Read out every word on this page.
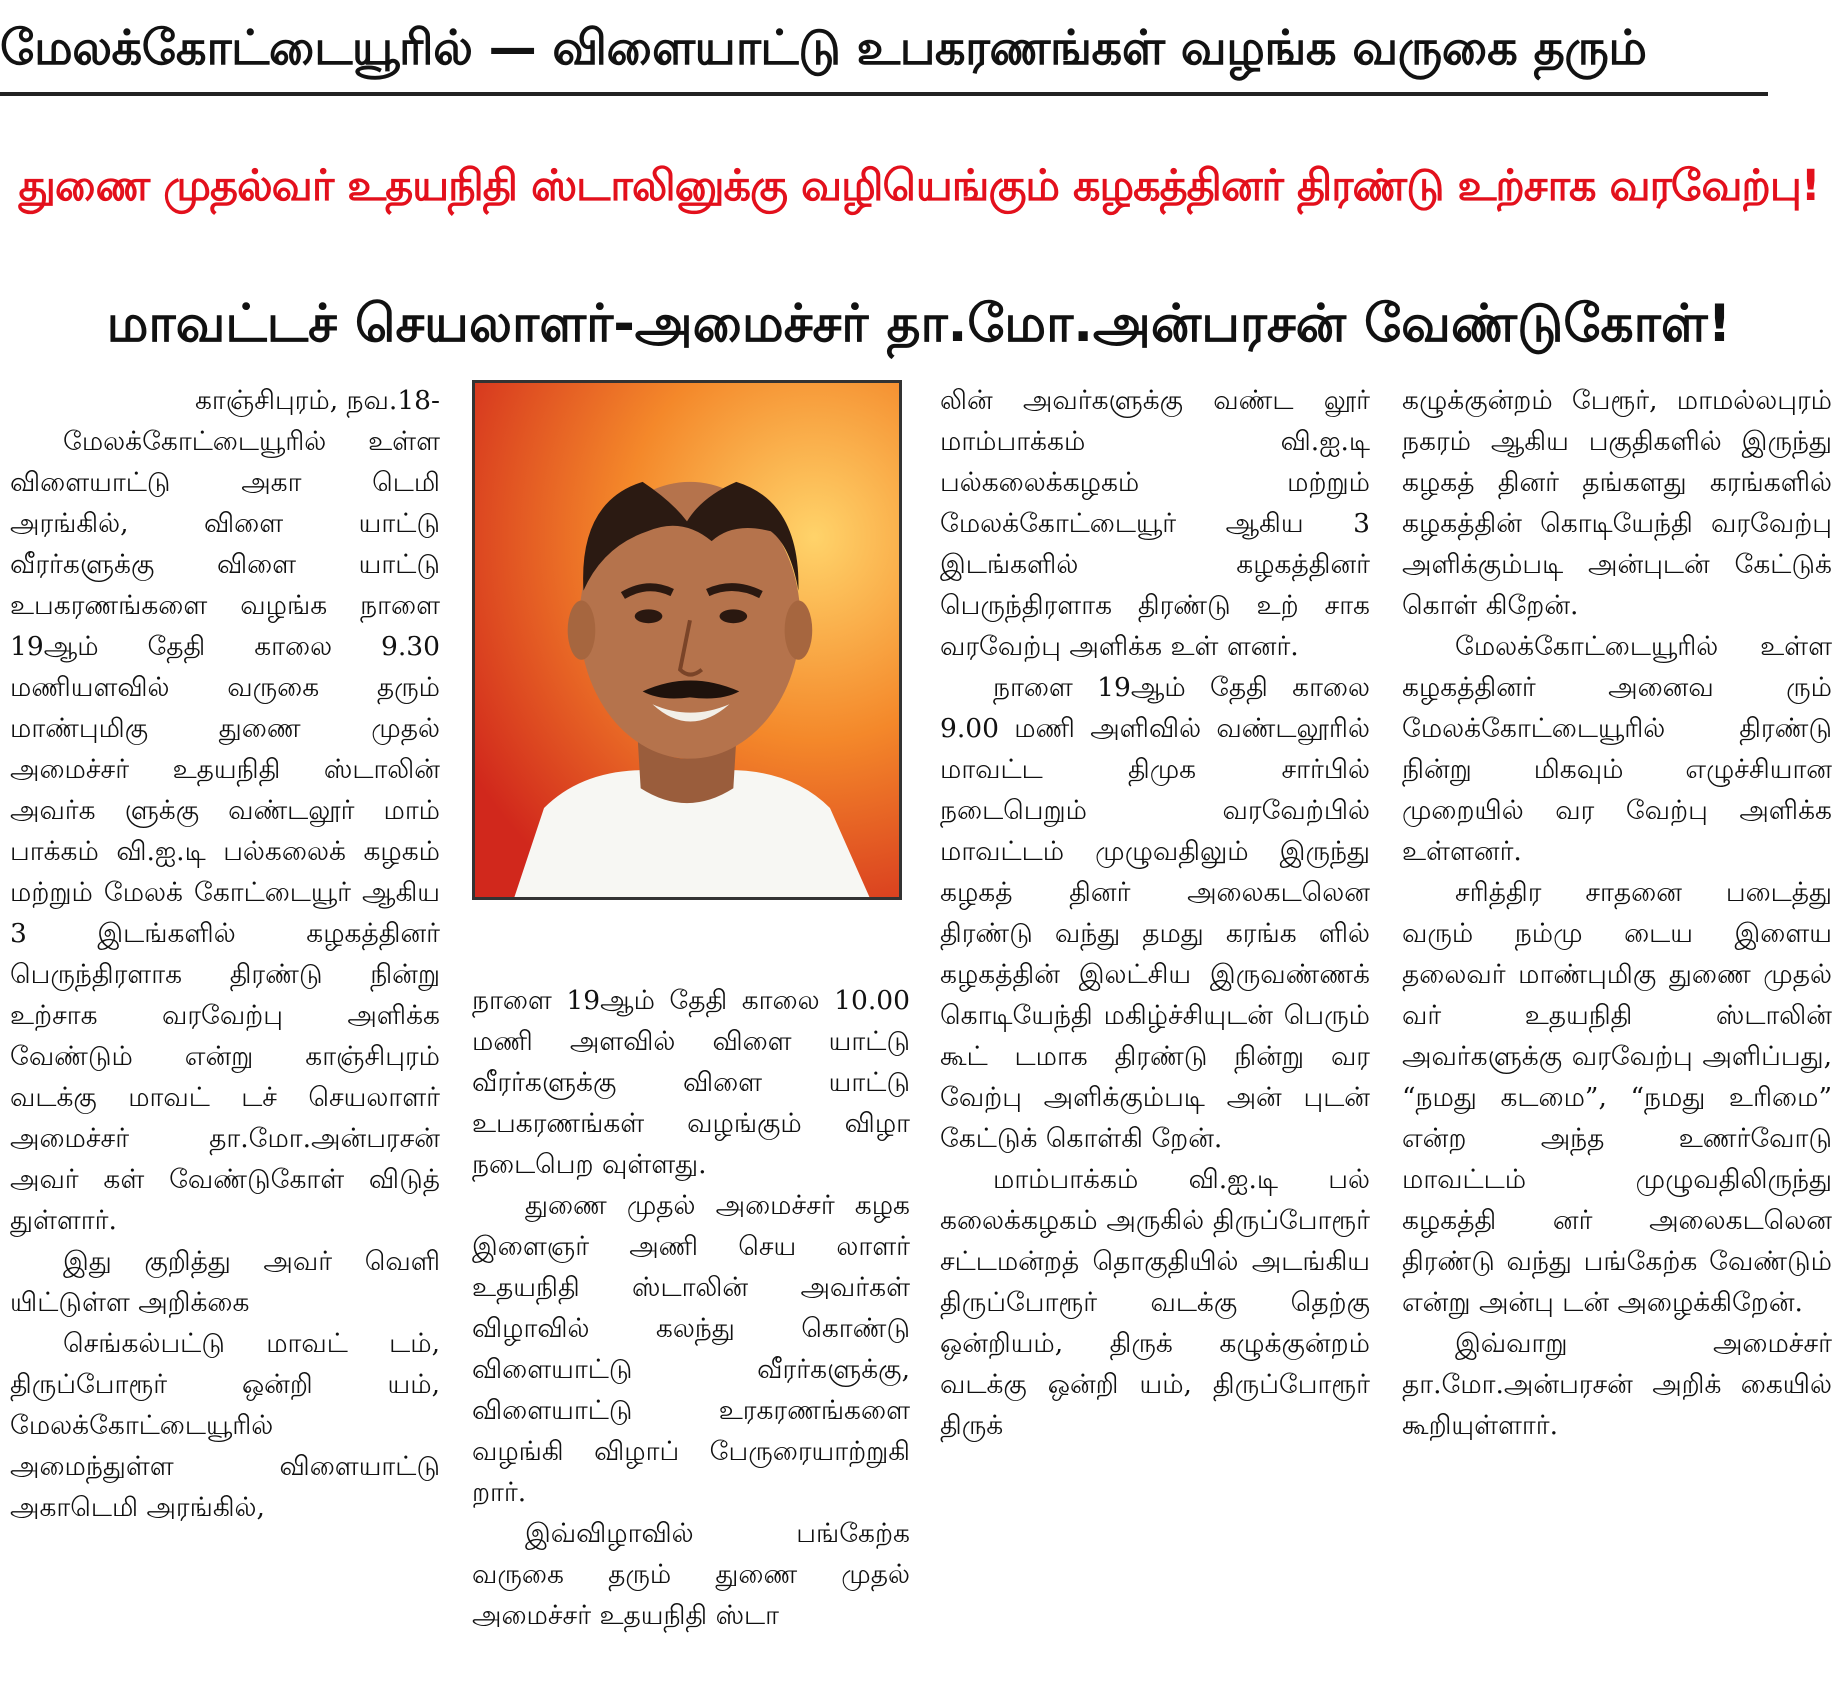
மேலக்கோட்டையூரில் — விளையாட்டு உபகரணங்கள் வழங்க வருகை தரும்
துணை முதல்வர் உதயநிதி ஸ்டாலினுக்கு வழியெங்கும் கழகத்தினர் திரண்டு உற்சாக வரவேற்பு!
மாவட்டச் செயலாளர்-அமைச்சர் தா.மோ.அன்பரசன் வேண்டுகோள்!

காஞ்சிபுரம், நவ.18-

மேலக்கோட்டையூரில் உள்ள விளையாட்டு அகா டெமி அரங்கில், விளை யாட்டு வீரர்களுக்கு விளை யாட்டு உபகரணங்களை வழங்க நாளை 19ஆம் தேதி காலை 9.30 மணியளவில் வருகை தரும் மாண்புமிகு துணை முதல் அமைச்சர் உதயநிதி ஸ்டாலின் அவர்க ளுக்கு வண்டலூர் மாம் பாக்கம் வி.ஐ.டி பல்கலைக் கழகம் மற்றும் மேலக் கோட்டையூர் ஆகிய 3 இடங்களில் கழகத்தினர் பெருந்திரளாக திரண்டு நின்று உற்சாக வரவேற்பு அளிக்க வேண்டும் என்று காஞ்சிபுரம் வடக்கு மாவட் டச் செயலாளர் அமைச்சர் தா.மோ.அன்பரசன் அவர் கள் வேண்டுகோள் விடுத் துள்ளார்.

இது குறித்து அவர் வெளி யிட்டுள்ள அறிக்கை

செங்கல்பட்டு மாவட் டம், திருப்போரூர் ஒன்றி யம், மேலக்கோட்டையூரில் அமைந்துள்ள விளையாட்டு அகாடெமி அரங்கில்,

நாளை 19ஆம் தேதி காலை 10.00 மணி அளவில் விளை யாட்டு வீரர்களுக்கு விளை யாட்டு உபகரணங்கள் வழங்கும் விழா நடைபெற வுள்ளது.

துணை முதல் அமைச்சர் கழக இளைஞர் அணி செய லாளர் உதயநிதி ஸ்டாலின் அவர்கள் விழாவில் கலந்து கொண்டு விளையாட்டு வீரர்களுக்கு, விளையாட்டு உரகரணங்களை வழங்கி விழாப் பேருரையாற்றுகி றார்.

இவ்விழாவில் பங்கேற்க வருகை தரும் துணை முதல் அமைச்சர் உதயநிதி ஸ்டா

லின் அவர்களுக்கு வண்ட லூர் மாம்பாக்கம் வி.ஐ.டி பல்கலைக்கழகம் மற்றும் மேலக்கோட்டையூர் ஆகிய 3 இடங்களில் கழகத்தினர் பெருந்திரளாக திரண்டு உற் சாக வரவேற்பு அளிக்க உள் ளனர்.

நாளை 19ஆம் தேதி காலை 9.00 மணி அளிவில் வண்டலூரில் மாவட்ட திமுக சார்பில் நடைபெறும் வரவேற்பில் மாவட்டம் முழுவதிலும் இருந்து கழகத் தினர் அலைகடலென திரண்டு வந்து தமது கரங்க ளில் கழகத்தின் இலட்சிய இருவண்ணக் கொடியேந்தி மகிழ்ச்சியுடன் பெரும் கூட் டமாக திரண்டு நின்று வர வேற்பு அளிக்கும்படி அன் புடன் கேட்டுக் கொள்கி றேன்.

மாம்பாக்கம் வி.ஐ.டி பல் கலைக்கழகம் அருகில் திருப்போரூர் சட்டமன்றத் தொகுதியில் அடங்கிய திருப்போரூர் வடக்கு தெற்கு ஒன்றியம், திருக் கழுக்குன்றம் வடக்கு ஒன்றி யம், திருப்போரூர் திருக்

கழுக்குன்றம் பேரூர், மாமல்லபுரம் நகரம் ஆகிய பகுதிகளில் இருந்து கழகத் தினர் தங்களது கரங்களில் கழகத்தின் கொடியேந்தி வரவேற்பு அளிக்கும்படி அன்புடன் கேட்டுக் கொள் கிறேன்.

மேலக்கோட்டையூரில் உள்ள கழகத்தினர் அனைவ ரும் மேலக்கோட்டையூரில் திரண்டு நின்று மிகவும் எழுச்சியான முறையில் வர வேற்பு அளிக்க உள்ளனர்.

சரித்திர சாதனை படைத்து வரும் நம்மு டைய இளைய தலைவர் மாண்புமிகு துணை முதல் வர் உதயநிதி ஸ்டாலின் அவர்களுக்கு வரவேற்பு அளிப்பது, “நமது கடமை”, “நமது உரிமை” என்ற அந்த உணர்வோடு மாவட்டம் முழுவதிலிருந்து கழகத்தி னர் அலைகடலென திரண்டு வந்து பங்கேற்க வேண்டும் என்று அன்பு டன் அழைக்கிறேன்.

இவ்வாறு அமைச்சர் தா.மோ.அன்பரசன் அறிக் கையில் கூறியுள்ளார்.
